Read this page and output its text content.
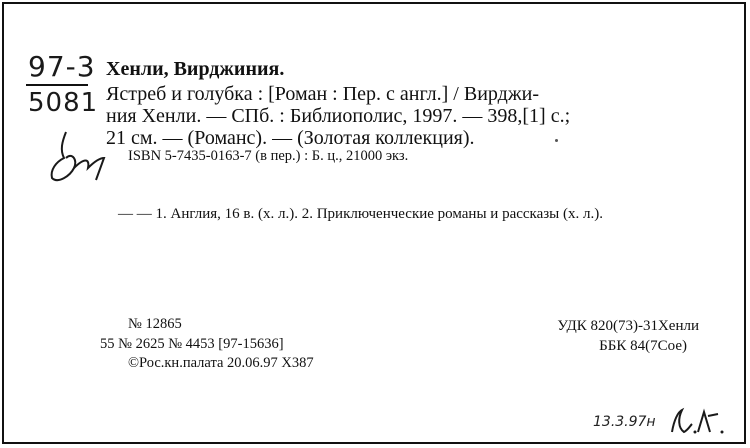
97-3
5081
Хенли, Вирджиния.
Ястреб и голубка : [Роман : Пер. с англ.] / Вирджи-
ния Хенли. — СПб. : Библиополис, 1997. — 398,[1] с.;
21 см. — (Романс). — (Золотая коллекция).
ISBN 5-7435-0163-7 (в пер.) : Б. ц., 21000 экз.
— — 1. Англия, 16 в. (х. л.). 2. Приключенческие романы и рассказы (х. л.).
№ 12865
55 № 2625 № 4453 [97-15636]
©Рос.кн.палата 20.06.97 Х387
УДК 820(73)-31Хенли
ББК 84(7Сое)
13.3.97н
